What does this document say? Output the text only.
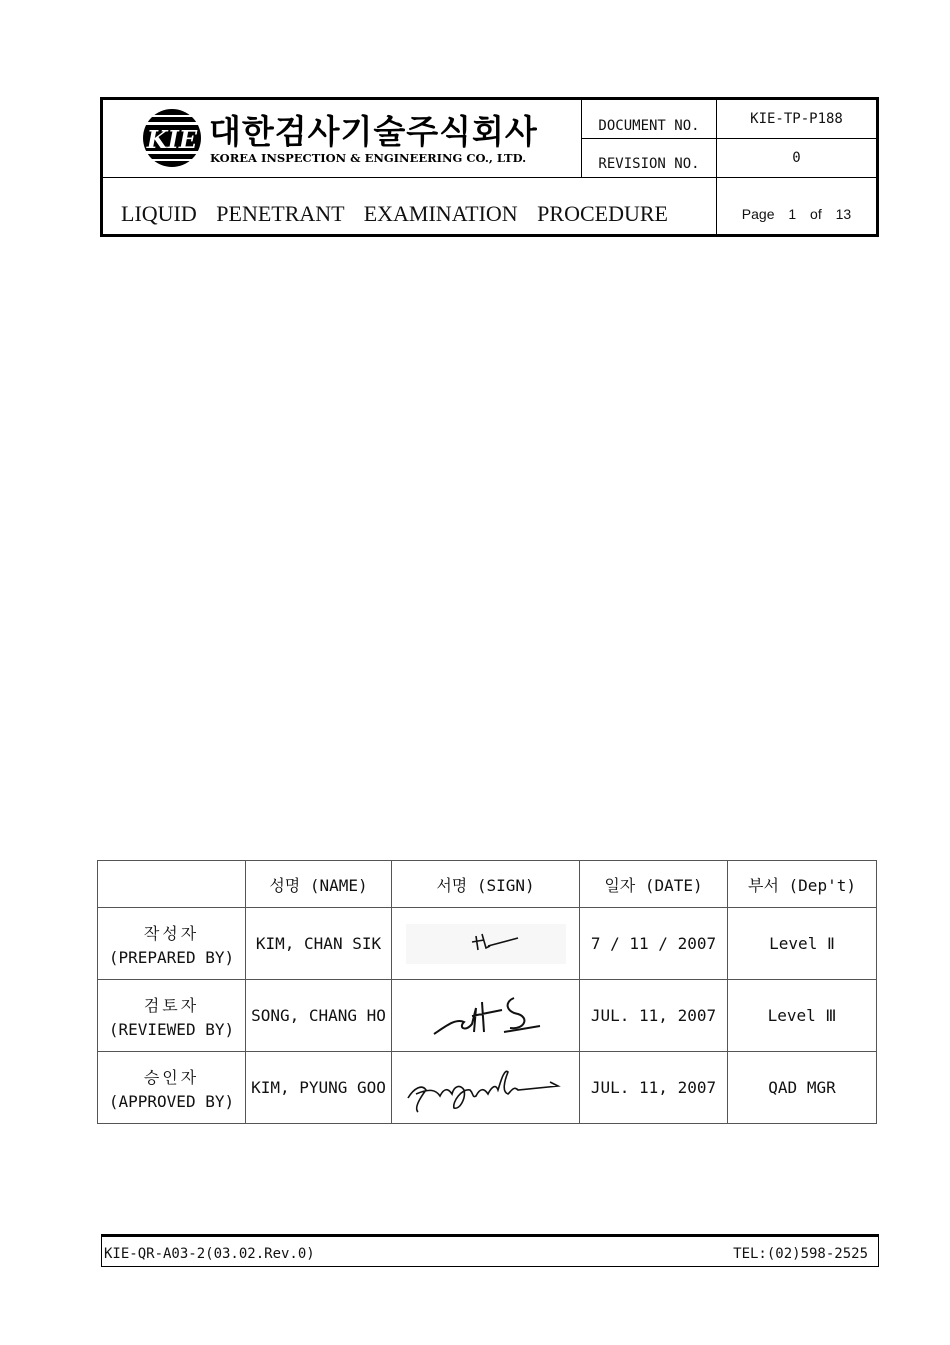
KIE 대한검사기술주식회사
KOREA INSPECTION & ENGINEERING CO., LTD.
DOCUMENT NO.	KIE-TP-P188
REVISION NO.	0
LIQUID PENETRANT EXAMINATION PROCEDURE	Page 1 of 13
	성명 (NAME)	서명 (SIGN)	일자 (DATE)	부서 (Dep't)

작성자
(PREPARED BY)	KIM, CHAN SIK		7 / 11 / 2007	Level Ⅱ

검토자
(REVIEWED BY)	SONG, CHANG HO		JUL. 11, 2007	Level Ⅲ

승인자
(APPROVED BY)	KIM, PYUNG GOO		JUL. 11, 2007	QAD MGR
KIE-QR-A03-2(03.02.Rev.0)	TEL:(02)598-2525
